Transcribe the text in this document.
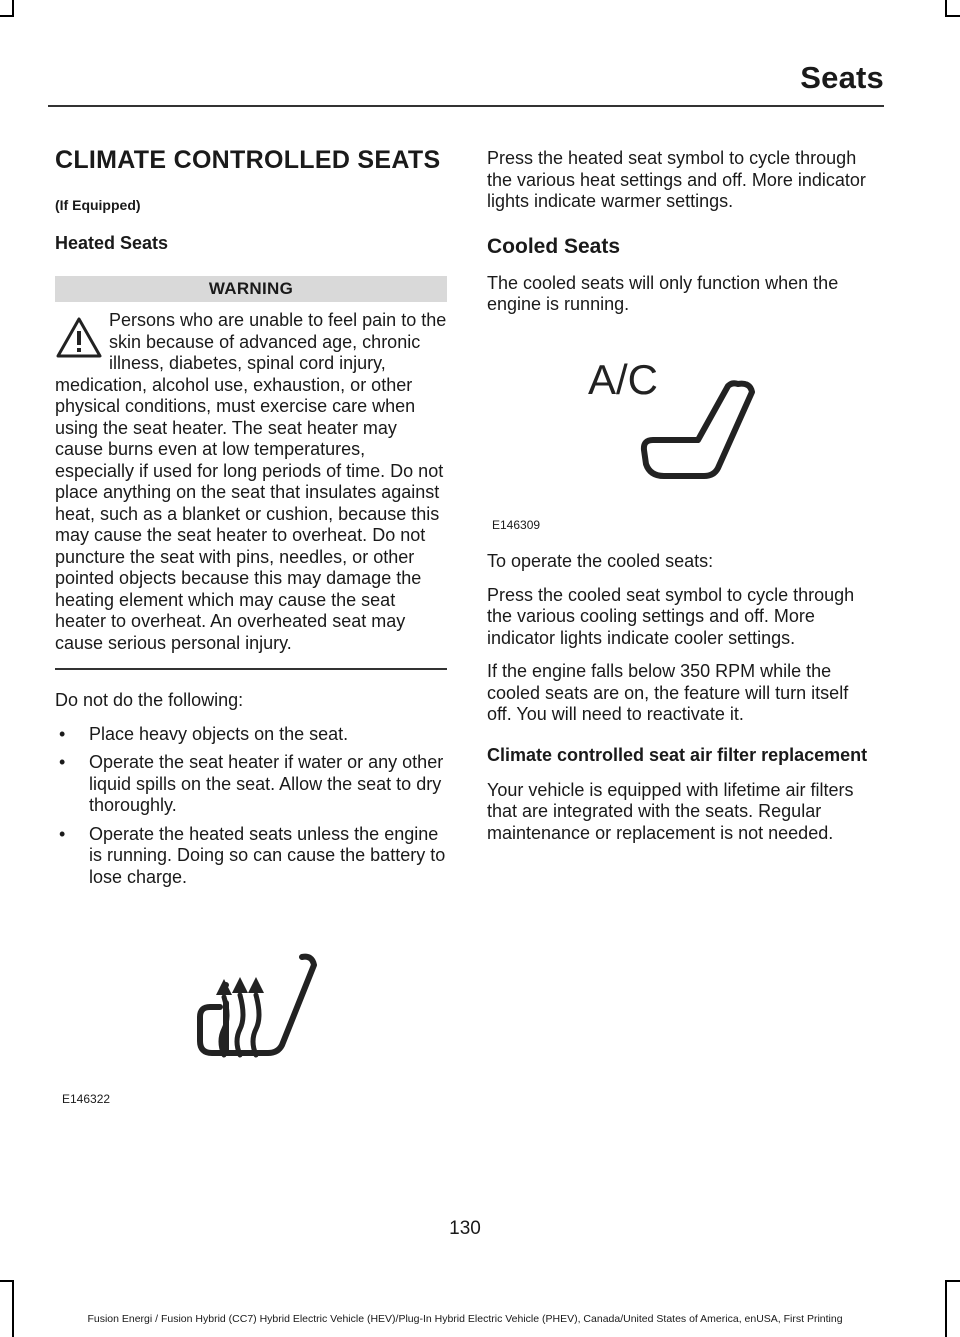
Seats
CLIMATE CONTROLLED SEATS
(If Equipped)
Heated Seats
WARNING
Persons who are unable to feel pain to the skin because of advanced age, chronic illness, diabetes, spinal cord injury, medication, alcohol use, exhaustion, or other physical conditions, must exercise care when using the seat heater. The seat heater may cause burns even at low temperatures, especially if used for long periods of time. Do not place anything on the seat that insulates against heat, such as a blanket or cushion, because this may cause the seat heater to overheat. Do not puncture the seat with pins, needles, or other pointed objects because this may damage the heating element which may cause the seat heater to overheat. An overheated seat may cause serious personal injury.

Do not do the following:

• Place heavy objects on the seat.
• Operate the seat heater if water or any other liquid spills on the seat. Allow the seat to dry thoroughly.
• Operate the heated seats unless the engine is running. Doing so can cause the battery to lose charge.
E146322

Press the heated seat symbol to cycle through the various heat settings and off. More indicator lights indicate warmer settings.

Cooled Seats

The cooled seats will only function when the engine is running.

A/C
E146309

To operate the cooled seats:

Press the cooled seat symbol to cycle through the various cooling settings and off. More indicator lights indicate cooler settings.

If the engine falls below 350 RPM while the cooled seats are on, the feature will turn itself off. You will need to reactivate it.

Climate controlled seat air filter replacement

Your vehicle is equipped with lifetime air filters that are integrated with the seats. Regular maintenance or replacement is not needed.

130
Fusion Energi / Fusion Hybrid (CC7) Hybrid Electric Vehicle (HEV)/Plug-In Hybrid Electric Vehicle (PHEV), Canada/United States of America, enUSA, First Printing
